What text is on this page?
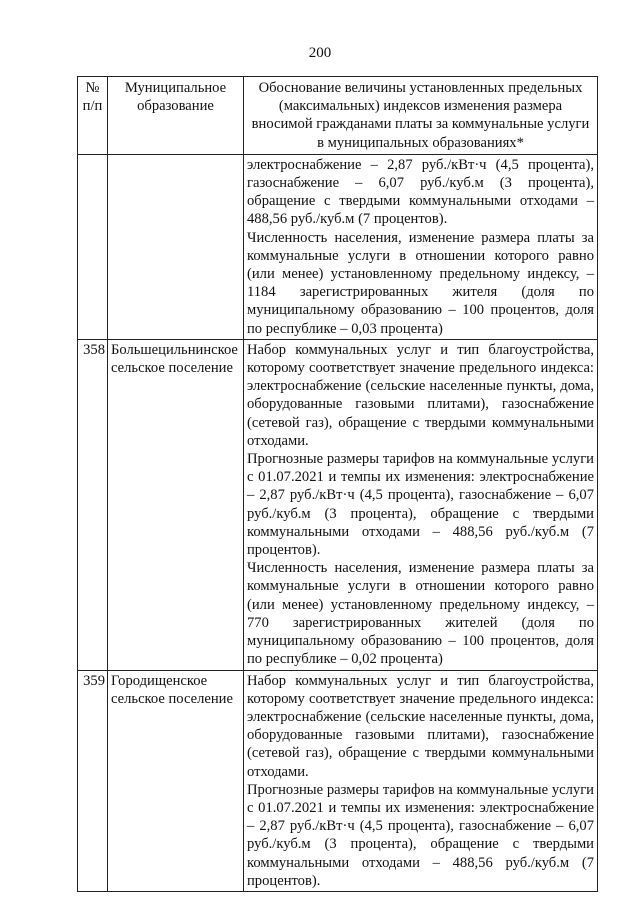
200
№ п/п	Муниципальное образование	Обоснование величины установленных предельных (максимальных) индексов изменения размера вносимой гражданами платы за коммунальные услуги в муниципальных образованиях*

		электроснабжение – 2,87 руб./кВт·ч (4,5 процента), газоснабжение – 6,07 руб./куб.м (3 процента), обращение с твердыми коммунальными отходами – 488,56 руб./куб.м (7 процентов).

Численность населения, изменение размера платы за коммунальные услуги в отношении которого равно (или менее) установленному предельному индексу, – 1184 зарегистрированных жителя (доля по муниципальному образованию – 100 процентов, доля по республике – 0,03 процента)

358	Большецильнинское сельское поселение	Набор коммунальных услуг и тип благоустройства, которому соответствует значение предельного индекса: электроснабжение (сельские населенные пункты, дома, оборудованные газовыми плитами), газоснабжение (сетевой газ), обращение с твердыми коммунальными отходами.

Прогнозные размеры тарифов на коммунальные услуги с 01.07.2021 и темпы их изменения: электроснабжение – 2,87 руб./кВт·ч (4,5 процента), газоснабжение – 6,07 руб./куб.м (3 процента), обращение с твердыми коммунальными отходами – 488,56 руб./куб.м (7 процентов).

Численность населения, изменение размера платы за коммунальные услуги в отношении которого равно (или менее) установленному предельному индексу, – 770 зарегистрированных жителей (доля по муниципальному образованию – 100 процентов, доля по республике – 0,02 процента)

359	Городищенское сельское поселение	Набор коммунальных услуг и тип благоустройства, которому соответствует значение предельного индекса: электроснабжение (сельские населенные пункты, дома, оборудованные газовыми плитами), газоснабжение (сетевой газ), обращение с твердыми коммунальными отходами.

Прогнозные размеры тарифов на коммунальные услуги с 01.07.2021 и темпы их изменения: электроснабжение – 2,87 руб./кВт·ч (4,5 процента), газоснабжение – 6,07 руб./куб.м (3 процента), обращение с твердыми коммунальными отходами – 488,56 руб./куб.м (7 процентов).
